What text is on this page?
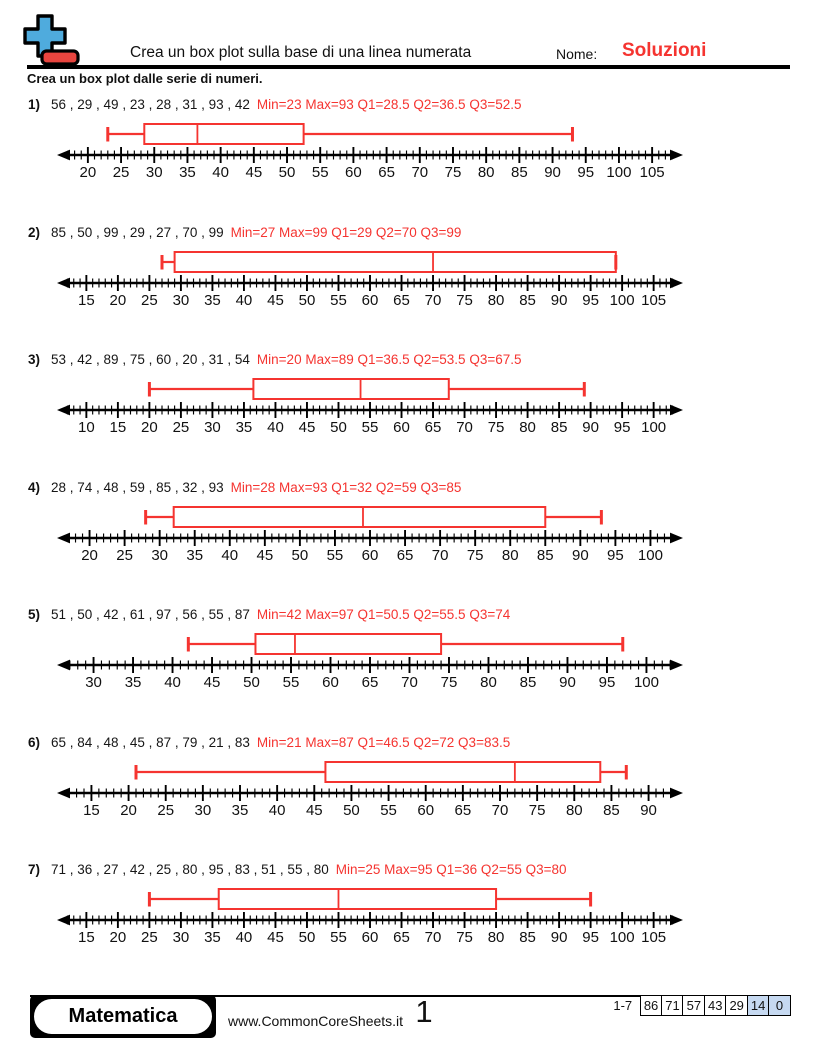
Crea un box plot sulla base di una linea numerata	Nome: Soluzioni
Crea un box plot dalle serie di numeri.
1) 56 , 29 , 49 , 23 , 28 , 31 , 93 , 42 Min=23 Max=93 Q1=28.5 Q2=36.5 Q3=52.5
20 25 30 35 40 45 50 55 60 65 70 75 80 85 90 95 100 105
2) 85 , 50 , 99 , 29 , 27 , 70 , 99 Min=27 Max=99 Q1=29 Q2=70 Q3=99
15 20 25 30 35 40 45 50 55 60 65 70 75 80 85 90 95 100 105
3) 53 , 42 , 89 , 75 , 60 , 20 , 31 , 54 Min=20 Max=89 Q1=36.5 Q2=53.5 Q3=67.5
10 15 20 25 30 35 40 45 50 55 60 65 70 75 80 85 90 95 100
4) 28 , 74 , 48 , 59 , 85 , 32 , 93 Min=28 Max=93 Q1=32 Q2=59 Q3=85
20 25 30 35 40 45 50 55 60 65 70 75 80 85 90 95 100
5) 51 , 50 , 42 , 61 , 97 , 56 , 55 , 87 Min=42 Max=97 Q1=50.5 Q2=55.5 Q3=74
30 35 40 45 50 55 60 65 70 75 80 85 90 95 100
6) 65 , 84 , 48 , 45 , 87 , 79 , 21 , 83 Min=21 Max=87 Q1=46.5 Q2=72 Q3=83.5
15 20 25 30 35 40 45 50 55 60 65 70 75 80 85 90
7) 71 , 36 , 27 , 42 , 25 , 80 , 95 , 83 , 51 , 55 , 80 Min=25 Max=95 Q1=36 Q2=55 Q3=80
15 20 25 30 35 40 45 50 55 60 65 70 75 80 85 90 95 100 105
Matematica	www.CommonCoreSheets.it 1	1-7 86 71 57 43 29 14 0
